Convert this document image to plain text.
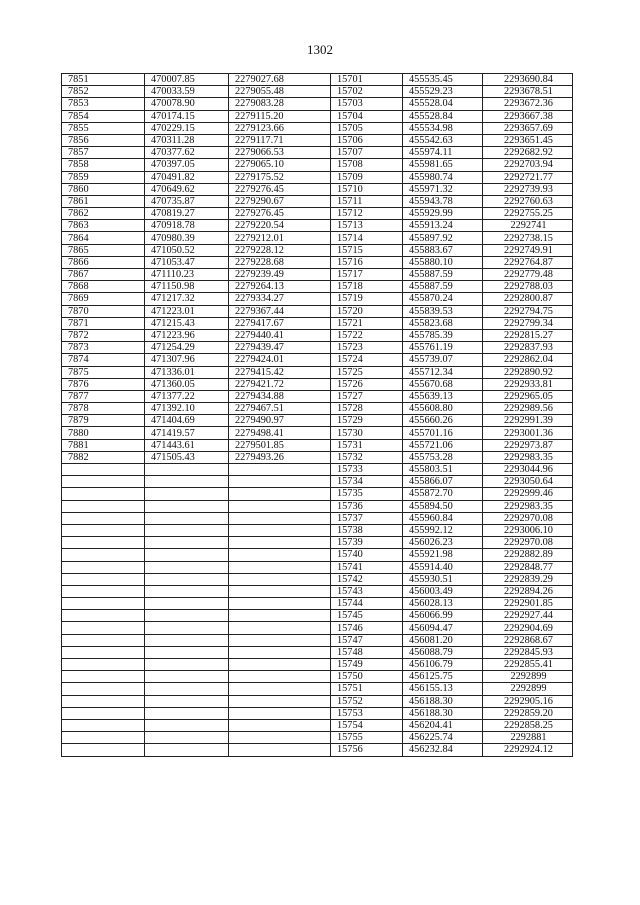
1302
7851	470007.85	2279027.68	15701	455535.45	2293690.84
7852	470033.59	2279055.48	15702	455529.23	2293678.51
7853	470078.90	2279083.28	15703	455528.04	2293672.36
7854	470174.15	2279115.20	15704	455528.84	2293667.38
7855	470229.15	2279123.66	15705	455534.98	2293657.69
7856	470311.28	2279117.71	15706	455542.63	2293651.45
7857	470377.62	2279066.53	15707	455974.11	2292682.92
7858	470397.05	2279065.10	15708	455981.65	2292703.94
7859	470491.82	2279175.52	15709	455980.74	2292721.77
7860	470649.62	2279276.45	15710	455971.32	2292739.93
7861	470735.87	2279290.67	15711	455943.78	2292760.63
7862	470819.27	2279276.45	15712	455929.99	2292755.25
7863	470918.78	2279220.54	15713	455913.24	2292741
7864	470980.39	2279212.01	15714	455897.92	2292738.15
7865	471050.52	2279228.12	15715	455883.67	2292749.91
7866	471053.47	2279228.68	15716	455880.10	2292764.87
7867	471110.23	2279239.49	15717	455887.59	2292779.48
7868	471150.98	2279264.13	15718	455887.59	2292788.03
7869	471217.32	2279334.27	15719	455870.24	2292800.87
7870	471223.01	2279367.44	15720	455839.53	2292794.75
7871	471215.43	2279417.67	15721	455823.68	2292799.34
7872	471223.96	2279440.41	15722	455785.39	2292815.27
7873	471254.29	2279439.47	15723	455761.19	2292837.93
7874	471307.96	2279424.01	15724	455739.07	2292862.04
7875	471336.01	2279415.42	15725	455712.34	2292890.92
7876	471360.05	2279421.72	15726	455670.68	2292933.81
7877	471377.22	2279434.88	15727	455639.13	2292965.05
7878	471392.10	2279467.51	15728	455608.80	2292989.56
7879	471404.69	2279490.97	15729	455660.26	2292991.39
7880	471419.57	2279498.41	15730	455701.16	2293001.36
7881	471443.61	2279501.85	15731	455721.06	2292973.87
7882	471505.43	2279493.26	15732	455753.28	2292983.35
			15733	455803.51	2293044.96
			15734	455866.07	2293050.64
			15735	455872.70	2292999.46
			15736	455894.50	2292983.35
			15737	455960.84	2292970.08
			15738	455992.12	2293006.10
			15739	456026.23	2292970.08
			15740	455921.98	2292882.89
			15741	455914.40	2292848.77
			15742	455930.51	2292839.29
			15743	456003.49	2292894.26
			15744	456028.13	2292901.85
			15745	456066.99	2292927.44
			15746	456094.47	2292904.69
			15747	456081.20	2292868.67
			15748	456088.79	2292845.93
			15749	456106.79	2292855.41
			15750	456125.75	2292899
			15751	456155.13	2292899
			15752	456188.30	2292905.16
			15753	456188.30	2292859.20
			15754	456204.41	2292858.25
			15755	456225.74	2292881
			15756	456232.84	2292924.12
